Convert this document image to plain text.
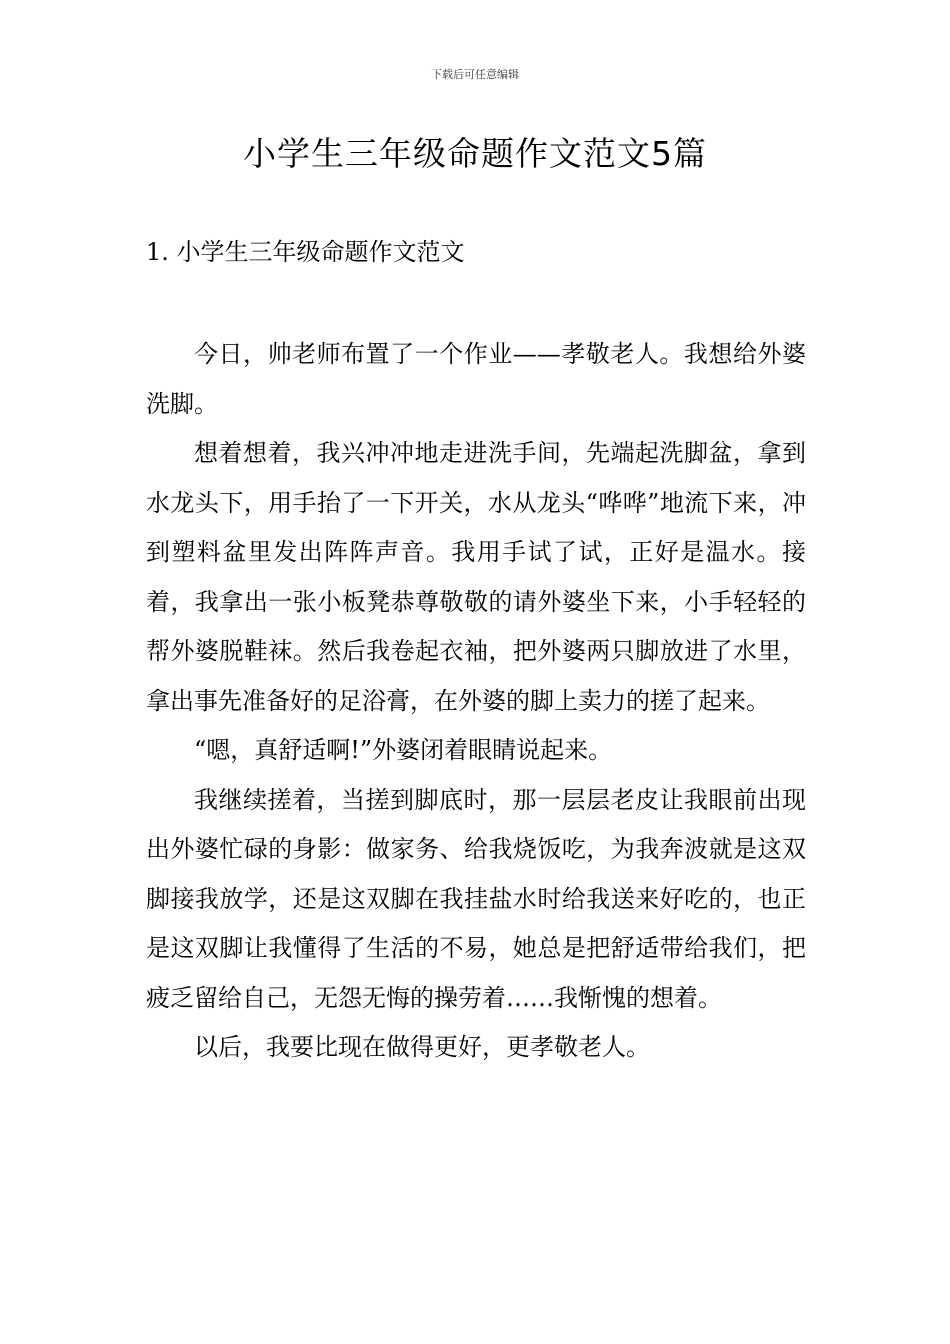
下载后可任意编辑
小学生三年级命题作文范文5篇
1. 小学生三年级命题作文范文

今日，帅老师布置了一个作业——孝敬老人。我想给外婆洗脚。

想着想着，我兴冲冲地走进洗手间，先端起洗脚盆，拿到水龙头下，用手抬了一下开关，水从龙头“哗哗”地流下来，冲到塑料盆里发出阵阵声音。我用手试了试，正好是温水。接着，我拿出一张小板凳恭尊敬敬的请外婆坐下来，小手轻轻的帮外婆脱鞋袜。然后我卷起衣袖，把外婆两只脚放进了水里，拿出事先准备好的足浴膏，在外婆的脚上卖力的搓了起来。

“嗯，真舒适啊!”外婆闭着眼睛说起来。

我继续搓着，当搓到脚底时，那一层层老皮让我眼前出现出外婆忙碌的身影：做家务、给我烧饭吃，为我奔波就是这双脚接我放学，还是这双脚在我挂盐水时给我送来好吃的，也正是这双脚让我懂得了生活的不易，她总是把舒适带给我们，把疲乏留给自己，无怨无悔的操劳着……我惭愧的想着。

以后，我要比现在做得更好，更孝敬老人。
